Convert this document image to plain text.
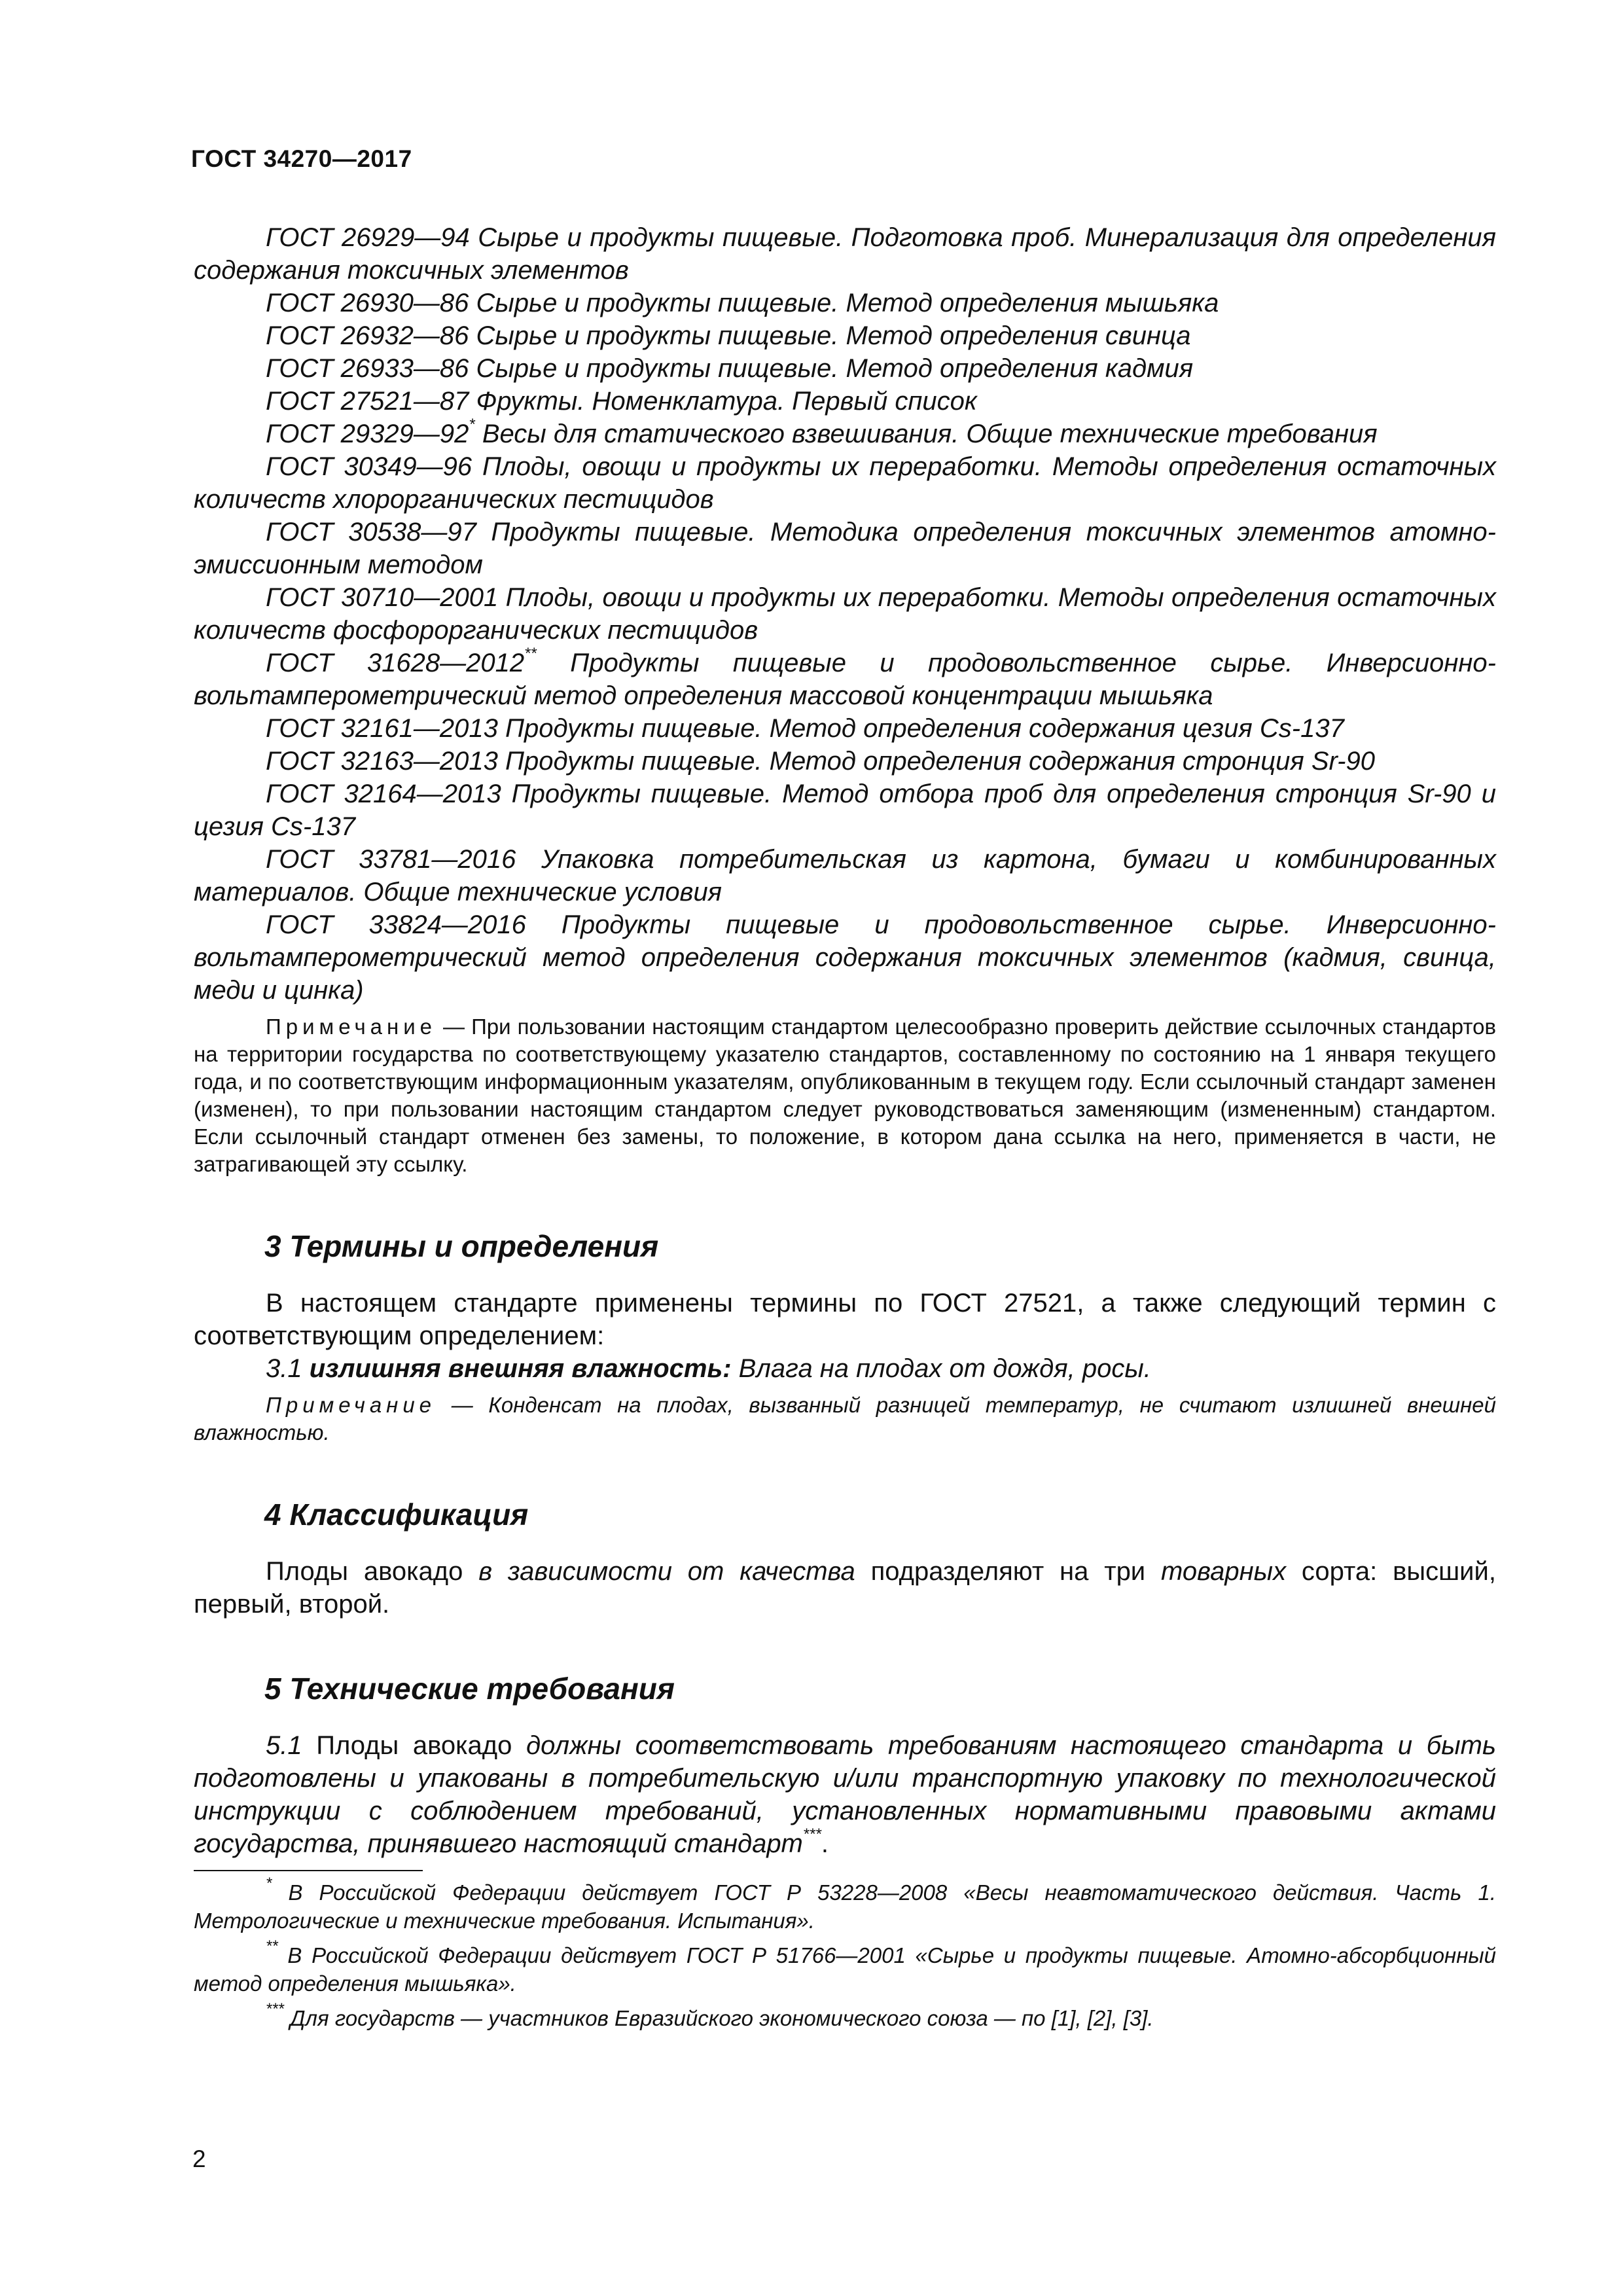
ГОСТ 34270—2017

ГОСТ 26929—94 Сырье и продукты пищевые. Подготовка проб. Минерализация для определения содержания токсичных элементов

ГОСТ 26930—86 Сырье и продукты пищевые. Метод определения мышьяка

ГОСТ 26932—86 Сырье и продукты пищевые. Метод определения свинца

ГОСТ 26933—86 Сырье и продукты пищевые. Метод определения кадмия

ГОСТ 27521—87 Фрукты. Номенклатура. Первый список

ГОСТ 29329—92* Весы для статического взвешивания. Общие технические требования

ГОСТ 30349—96 Плоды, овощи и продукты их переработки. Методы определения остаточных количеств хлорорганических пестицидов

ГОСТ 30538—97 Продукты пищевые. Методика определения токсичных элементов атомно-эмиссионным методом

ГОСТ 30710—2001 Плоды, овощи и продукты их переработки. Методы определения остаточных количеств фосфорорганических пестицидов

ГОСТ 31628—2012** Продукты пищевые и продовольственное сырье. Инверсионно-вольтамперометрический метод определения массовой концентрации мышьяка

ГОСТ 32161—2013 Продукты пищевые. Метод определения содержания цезия Cs-137

ГОСТ 32163—2013 Продукты пищевые. Метод определения содержания стронция Sr-90

ГОСТ 32164—2013 Продукты пищевые. Метод отбора проб для определения стронция Sr-90 и цезия Cs-137

ГОСТ 33781—2016 Упаковка потребительская из картона, бумаги и комбинированных материалов. Общие технические условия

ГОСТ 33824—2016 Продукты пищевые и продовольственное сырье. Инверсионно-вольтамперометрический метод определения содержания токсичных элементов (кадмия, свинца, меди и цинка)

Примечание — При пользовании настоящим стандартом целесообразно проверить действие ссылочных стандартов на территории государства по соответствующему указателю стандартов, составленному по состоянию на 1 января текущего года, и по соответствующим информационным указателям, опубликованным в текущем году. Если ссылочный стандарт заменен (изменен), то при пользовании настоящим стандартом следует руководствоваться заменяющим (измененным) стандартом. Если ссылочный стандарт отменен без замены, то положение, в котором дана ссылка на него, применяется в части, не затрагивающей эту ссылку.

3 Термины и определения

В настоящем стандарте применены термины по ГОСТ 27521, а также следующий термин с соответствующим определением:

3.1 излишняя внешняя влажность: Влага на плодах от дождя, росы.

Примечание — Конденсат на плодах, вызванный разницей температур, не считают излишней внешней влажностью.

4 Классификация

Плоды авокадо в зависимости от качества подразделяют на три товарных сорта: высший, первый, второй.

5 Технические требования

5.1 Плоды авокадо должны соответствовать требованиям настоящего стандарта и быть подготовлены и упакованы в потребительскую и/или транспортную упаковку по технологической инструкции с соблюдением требований, установленных нормативными правовыми актами государства, принявшего настоящий стандарт***.

* В Российской Федерации действует ГОСТ Р 53228—2008 «Весы неавтоматического действия. Часть 1. Метрологические и технические требования. Испытания».

** В Российской Федерации действует ГОСТ Р 51766—2001 «Сырье и продукты пищевые. Атомно-абсорбционный метод определения мышьяка».

*** Для государств — участников Евразийского экономического союза — по [1], [2], [3].

2
